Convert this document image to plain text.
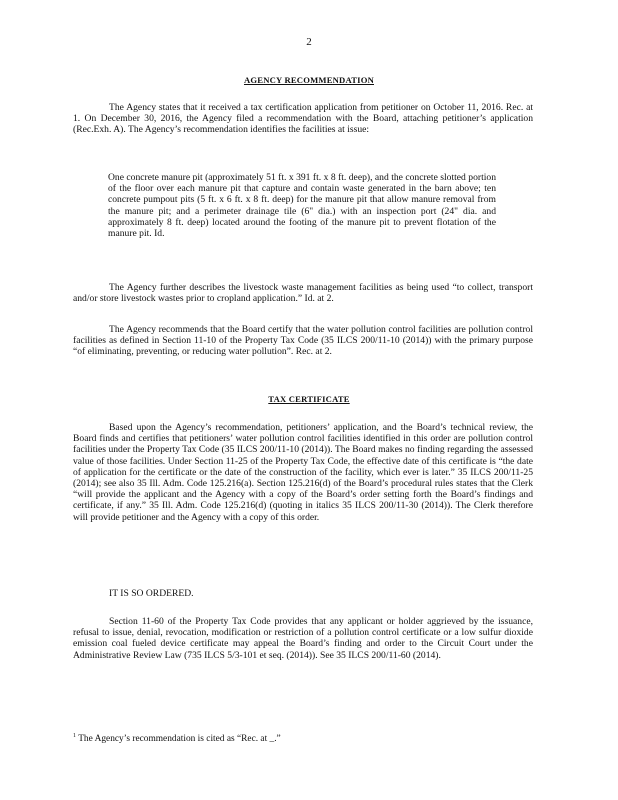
2
AGENCY RECOMMENDATION

The Agency states that it received a tax certification application from petitioner on October 11, 2016. Rec. at 1. On December 30, 2016, the Agency filed a recommendation with the Board, attaching petitioner’s application (Rec.Exh. A). The Agency’s recommendation identifies the facilities at issue:

One concrete manure pit (approximately 51 ft. x 391 ft. x 8 ft. deep), and the concrete slotted portion of the floor over each manure pit that capture and contain waste generated in the barn above; ten concrete pumpout pits (5 ft. x 6 ft. x 8 ft. deep) for the manure pit that allow manure removal from the manure pit; and a perimeter drainage tile (6" dia.) with an inspection port (24" dia. and approximately 8 ft. deep) located around the footing of the manure pit to prevent flotation of the manure pit. Id.

The Agency further describes the livestock waste management facilities as being used “to collect, transport and/or store livestock wastes prior to cropland application.” Id. at 2.

The Agency recommends that the Board certify that the water pollution control facilities are pollution control facilities as defined in Section 11-10 of the Property Tax Code (35 ILCS 200/11-10 (2014)) with the primary purpose “of eliminating, preventing, or reducing water pollution”. Rec. at 2.

TAX CERTIFICATE

Based upon the Agency’s recommendation, petitioners’ application, and the Board’s technical review, the Board finds and certifies that petitioners’ water pollution control facilities identified in this order are pollution control facilities under the Property Tax Code (35 ILCS 200/11-10 (2014)). The Board makes no finding regarding the assessed value of those facilities. Under Section 11-25 of the Property Tax Code, the effective date of this certificate is “the date of application for the certificate or the date of the construction of the facility, which ever is later.” 35 ILCS 200/11-25 (2014); see also 35 Ill. Adm. Code 125.216(a). Section 125.216(d) of the Board’s procedural rules states that the Clerk “will provide the applicant and the Agency with a copy of the Board’s order setting forth the Board’s findings and certificate, if any.” 35 Ill. Adm. Code 125.216(d) (quoting in italics 35 ILCS 200/11-30 (2014)). The Clerk therefore will provide petitioner and the Agency with a copy of this order.

IT IS SO ORDERED.

Section 11-60 of the Property Tax Code provides that any applicant or holder aggrieved by the issuance, refusal to issue, denial, revocation, modification or restriction of a pollution control certificate or a low sulfur dioxide emission coal fueled device certificate may appeal the Board’s finding and order to the Circuit Court under the Administrative Review Law (735 ILCS 5/3-101 et seq. (2014)). See 35 ILCS 200/11-60 (2014).

$^1$ The Agency’s recommendation is cited as “Rec. at _.”
